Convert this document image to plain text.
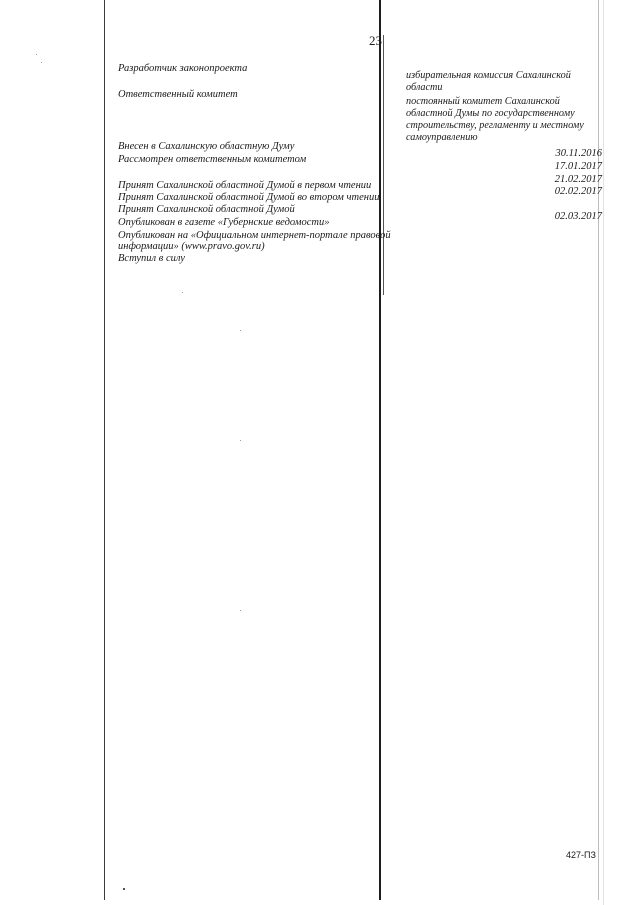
23
Разработчик законопроекта
Ответственный комитет
Внесен в Сахалинскую областную Думу
Рассмотрен ответственным комитетом
Принят Сахалинской областной Думой в первом чтении
Принят Сахалинской областной Думой во втором чтении
Принят Сахалинской областной Думой
Опубликован в газете «Губернские ведомости»
Опубликован на «Официальном интернет-портале правовой
информации» (www.pravo.gov.ru)
Вступил в силу
избирательная комиссия Сахалинской
области
постоянный комитет Сахалинской
областной Думы по государственному
строительству, регламенту и местному
самоуправлению
30.11.2016
17.01.2017
21.02.2017
02.02.2017
02.03.2017
427-ПЗ
